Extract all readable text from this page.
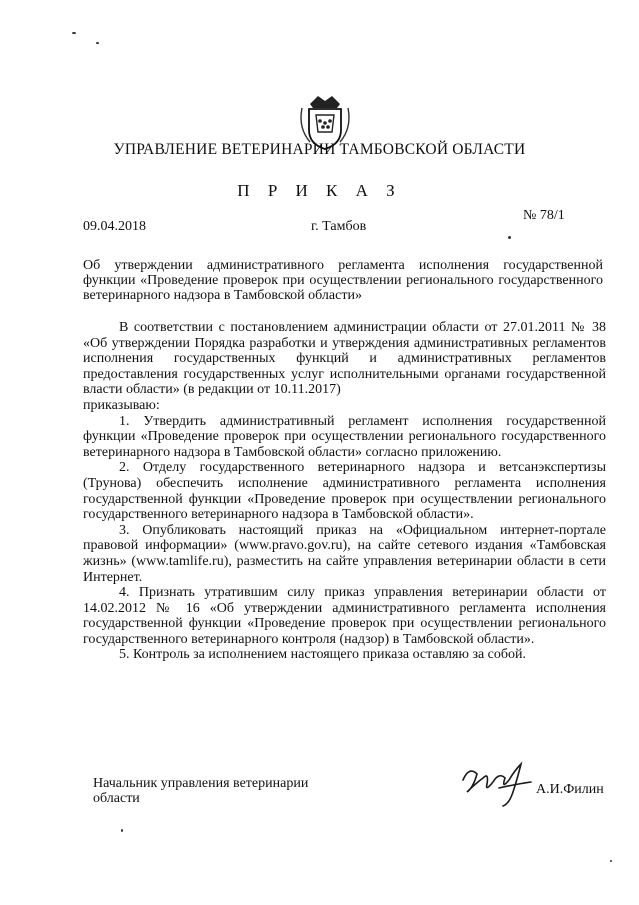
УПРАВЛЕНИЕ ВЕТЕРИНАРИИ ТАМБОВСКОЙ ОБЛАСТИ
П Р И К А З
09.04.2018	г. Тамбов
№ 78/1
Об утверждении административного регламента исполнения государственной функции «Проведение проверок при осуществлении регионального государственного ветеринарного надзора в Тамбовской области»

В соответствии с постановлением администрации области от 27.01.2011 № 38 «Об утверждении Порядка разработки и утверждения административных регламентов исполнения государственных функций и административных регламентов предоставления государственных услуг исполнительными органами государственной власти области» (в редакции от 10.11.2017)

приказываю:

1. Утвердить административный регламент исполнения государственной функции «Проведение проверок при осуществлении регионального государственного ветеринарного надзора в Тамбовской области» согласно приложению.

2. Отделу государственного ветеринарного надзора и ветсанэкспертизы (Трунова) обеспечить исполнение административного регламента исполнения государственной функции «Проведение проверок при осуществлении регионального государственного ветеринарного надзора в Тамбовской области».

3. Опубликовать настоящий приказ на «Официальном интернет-портале правовой информации» (www.pravo.gov.ru), на сайте сетевого издания «Тамбовская жизнь» (www.tamlife.ru), разместить на сайте управления ветеринарии области в сети Интернет.

4. Признать утратившим силу приказ управления ветеринарии области от 14.02.2012 № 16 «Об утверждении административного регламента исполнения государственной функции «Проведение проверок при осуществлении регионального государственного ветеринарного контроля (надзор) в Тамбовской области».

5. Контроль за исполнением настоящего приказа оставляю за собой.

Начальник управления ветеринарии области
А.И.Филин
